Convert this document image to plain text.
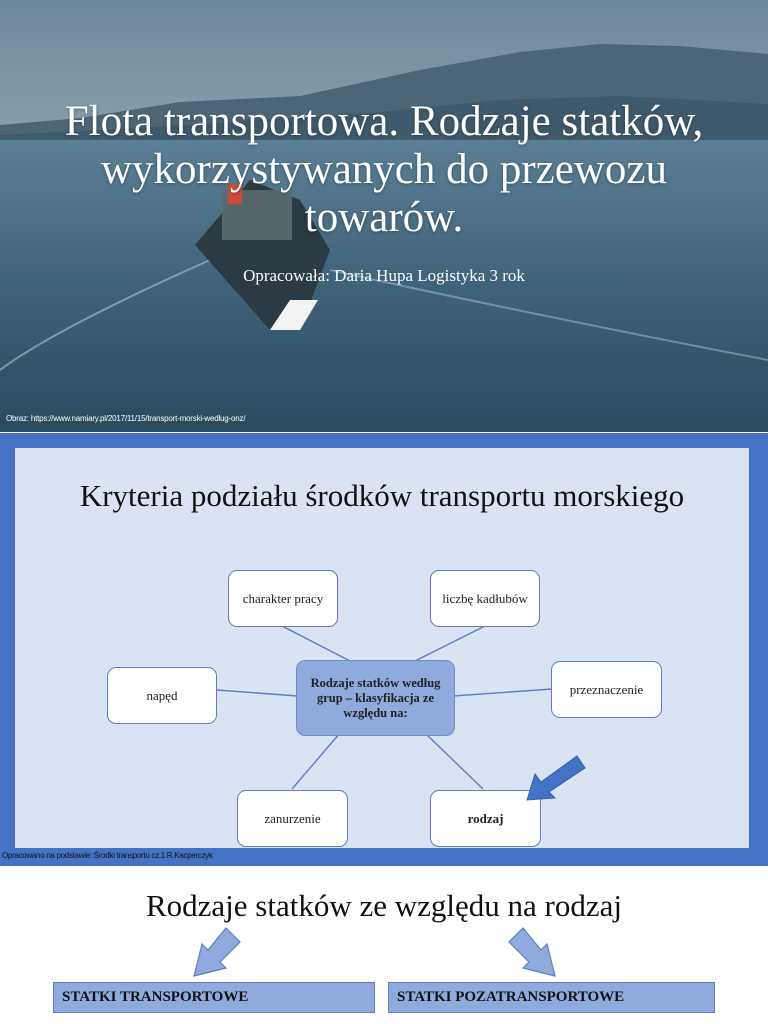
Flota transportowa. Rodzaje statków, wykorzystywanych do przewozu towarów.
Opracowała: Daria Hupa Logistyka 3 rok
Obraz: https://www.namiary.pl/2017/11/15/transport-morski-wedlug-onz/
Kryteria podziału środków transportu morskiego
Rodzaje statków według grup – klasyfikacja ze względu na:
charakter pracy	liczbę kadłubów
napęd	przeznaczenie
zanurzenie	rodzaj
Opracowano na podstawie: Środki transportu cz.1 R.Kacperczyk
Rodzaje statków ze względu na rodzaj
STATKI TRANSPORTOWE	STATKI POZATRANSPORTOWE
